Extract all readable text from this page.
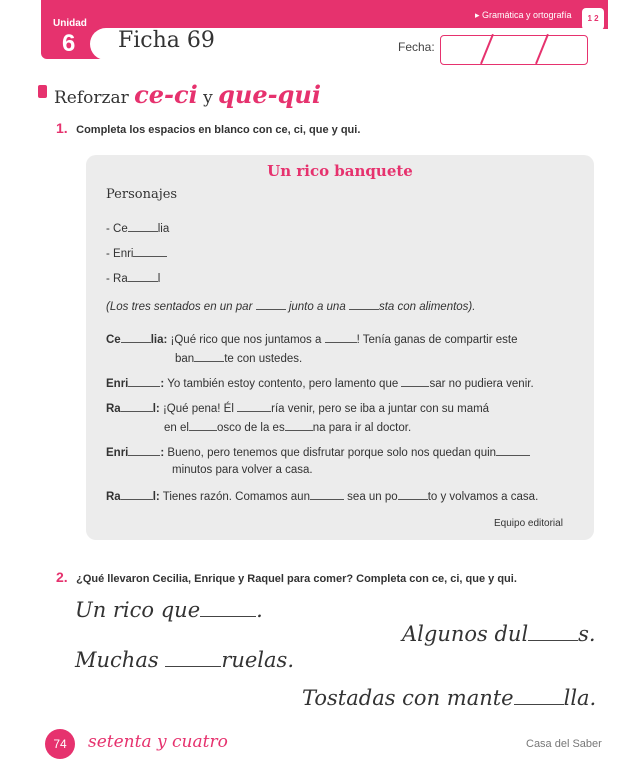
▸ Gramática y ortografía	1 2
Unidad
6 Ficha 69	Fecha:
Reforzar ce-ci y que-qui
1. Completa los espacios en blanco con ce, ci, que y qui.
Un rico banquete
Personajes
- Ce	lia
- Enri
- Ra	l
(Los tres sentados en un par	junto a una	sta con alimentos).
Ce	lia: ¡Qué rico que nos juntamos a	! Tenía ganas de compartir este
ban	te con ustedes.
Enri	: Yo también estoy contento, pero lamento que	sar no pudiera venir.
Ra	l: ¡Qué pena! Él	ría venir, pero se iba a juntar con su mamá
en el osco de la es na para ir al doctor.
Enri	: Bueno, pero tenemos que disfrutar porque solo nos quedan quin
minutos para volver a casa.
Ra	l: Tienes razón. Comamos aun	sea un po	to y volvamos a casa.
Equipo editorial
2. ¿Qué llevaron Cecilia, Enrique y Raquel para comer? Completa con ce, ci, que y qui.
Un rico que	.
Algunos dul s.
Muchas	ruelas.
Tostadas con mante lla.
74	setenta y cuatro	Casa del Saber
